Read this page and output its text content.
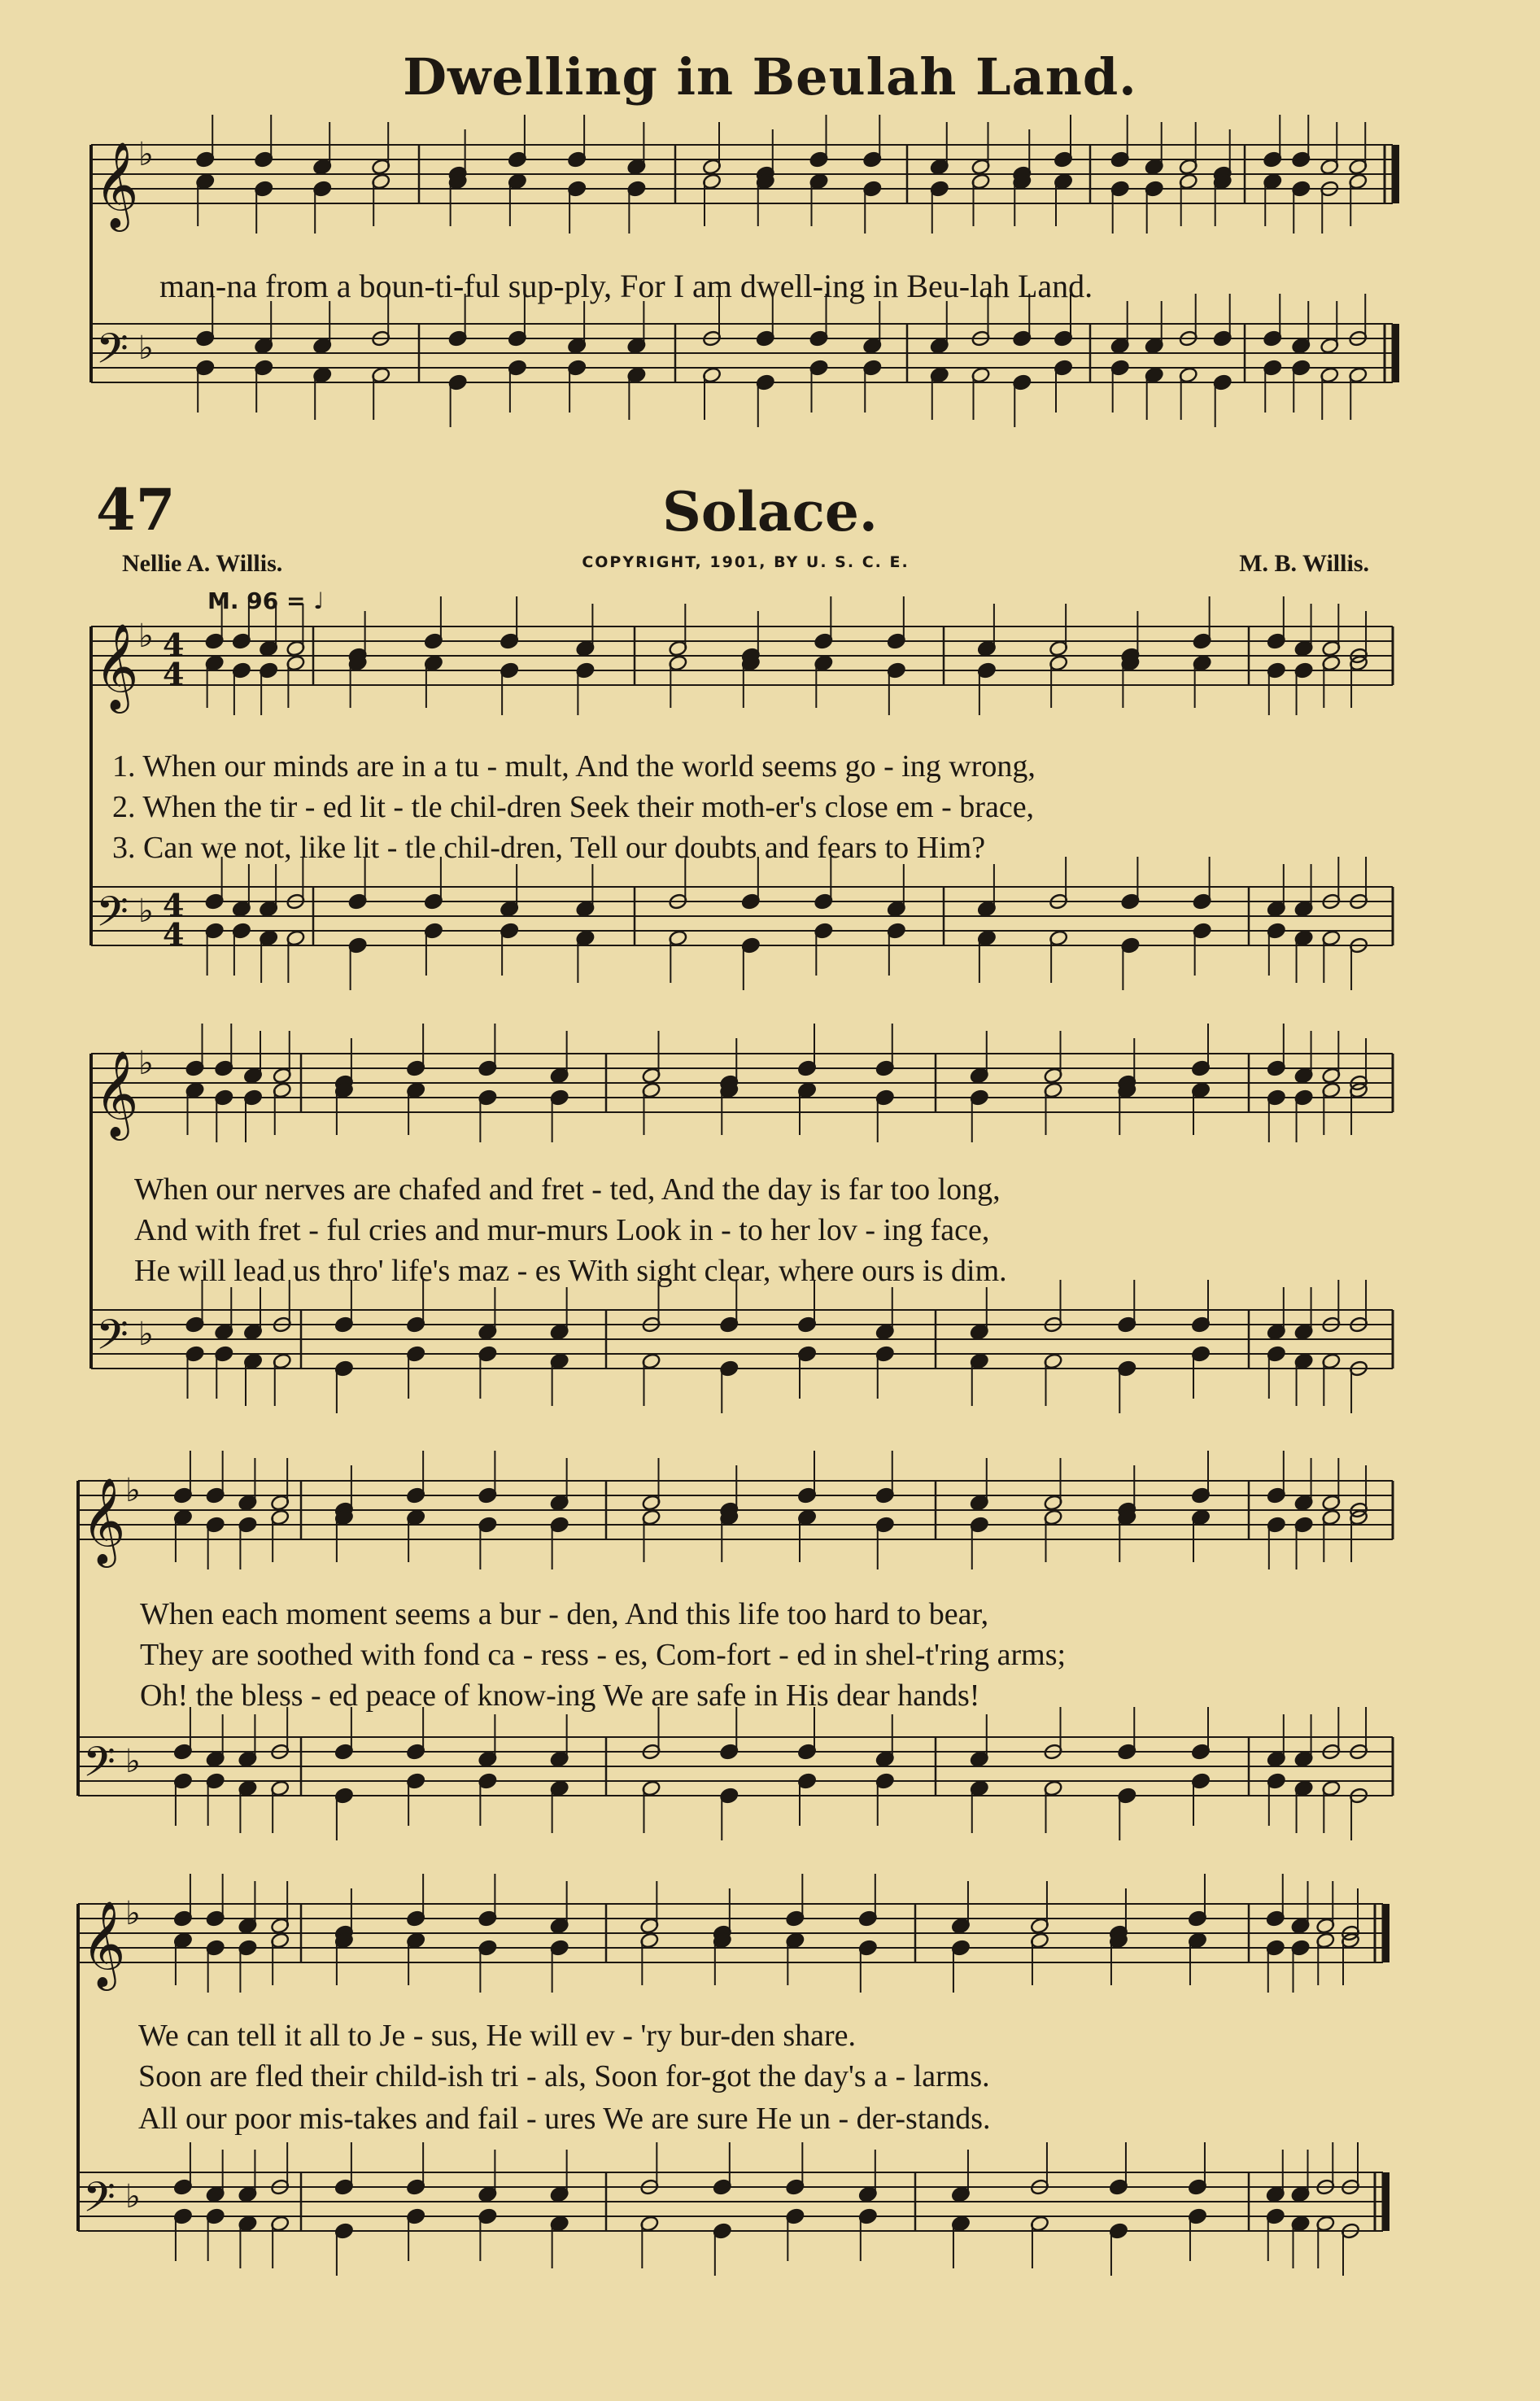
𝄞
𝄢
♭
♭
𝄞
𝄢
♭
♭
4
4
4
4
𝄞
𝄢
♭
♭
𝄞
𝄢
♭
♭
𝄞
𝄢
♭
♭
Dwelling in Beulah Land.
man-na from a boun-ti-ful sup-ply, For I am dwell-ing in Beu-lah Land.
47	Solace.
Nellie A. Willis.	COPYRIGHT, 1901, BY U. S. C. E.	M. B. Willis.
M. 96 = ♩
1. When our minds are in a tu - mult, And the world seems go - ing wrong,
2. When the tir - ed lit - tle chil-dren Seek their moth-er's close em - brace,
3. Can we not, like lit - tle chil-dren, Tell our doubts and fears to Him?
When our nerves are chafed and fret - ted, And the day is far too long,
And with fret - ful cries and mur-murs Look in - to her lov - ing face,
He will lead us thro' life's maz - es With sight clear, where ours is dim.
When each moment seems a bur - den, And this life too hard to bear,
They are soothed with fond ca - ress - es, Com-fort - ed in shel-t'ring arms;
Oh! the bless - ed peace of know-ing We are safe in His dear hands!
We can tell it all to Je - sus, He will ev - 'ry bur-den share.
Soon are fled their child-ish tri - als, Soon for-got the day's a - larms.
All our poor mis-takes and fail - ures We are sure He un - der-stands.
